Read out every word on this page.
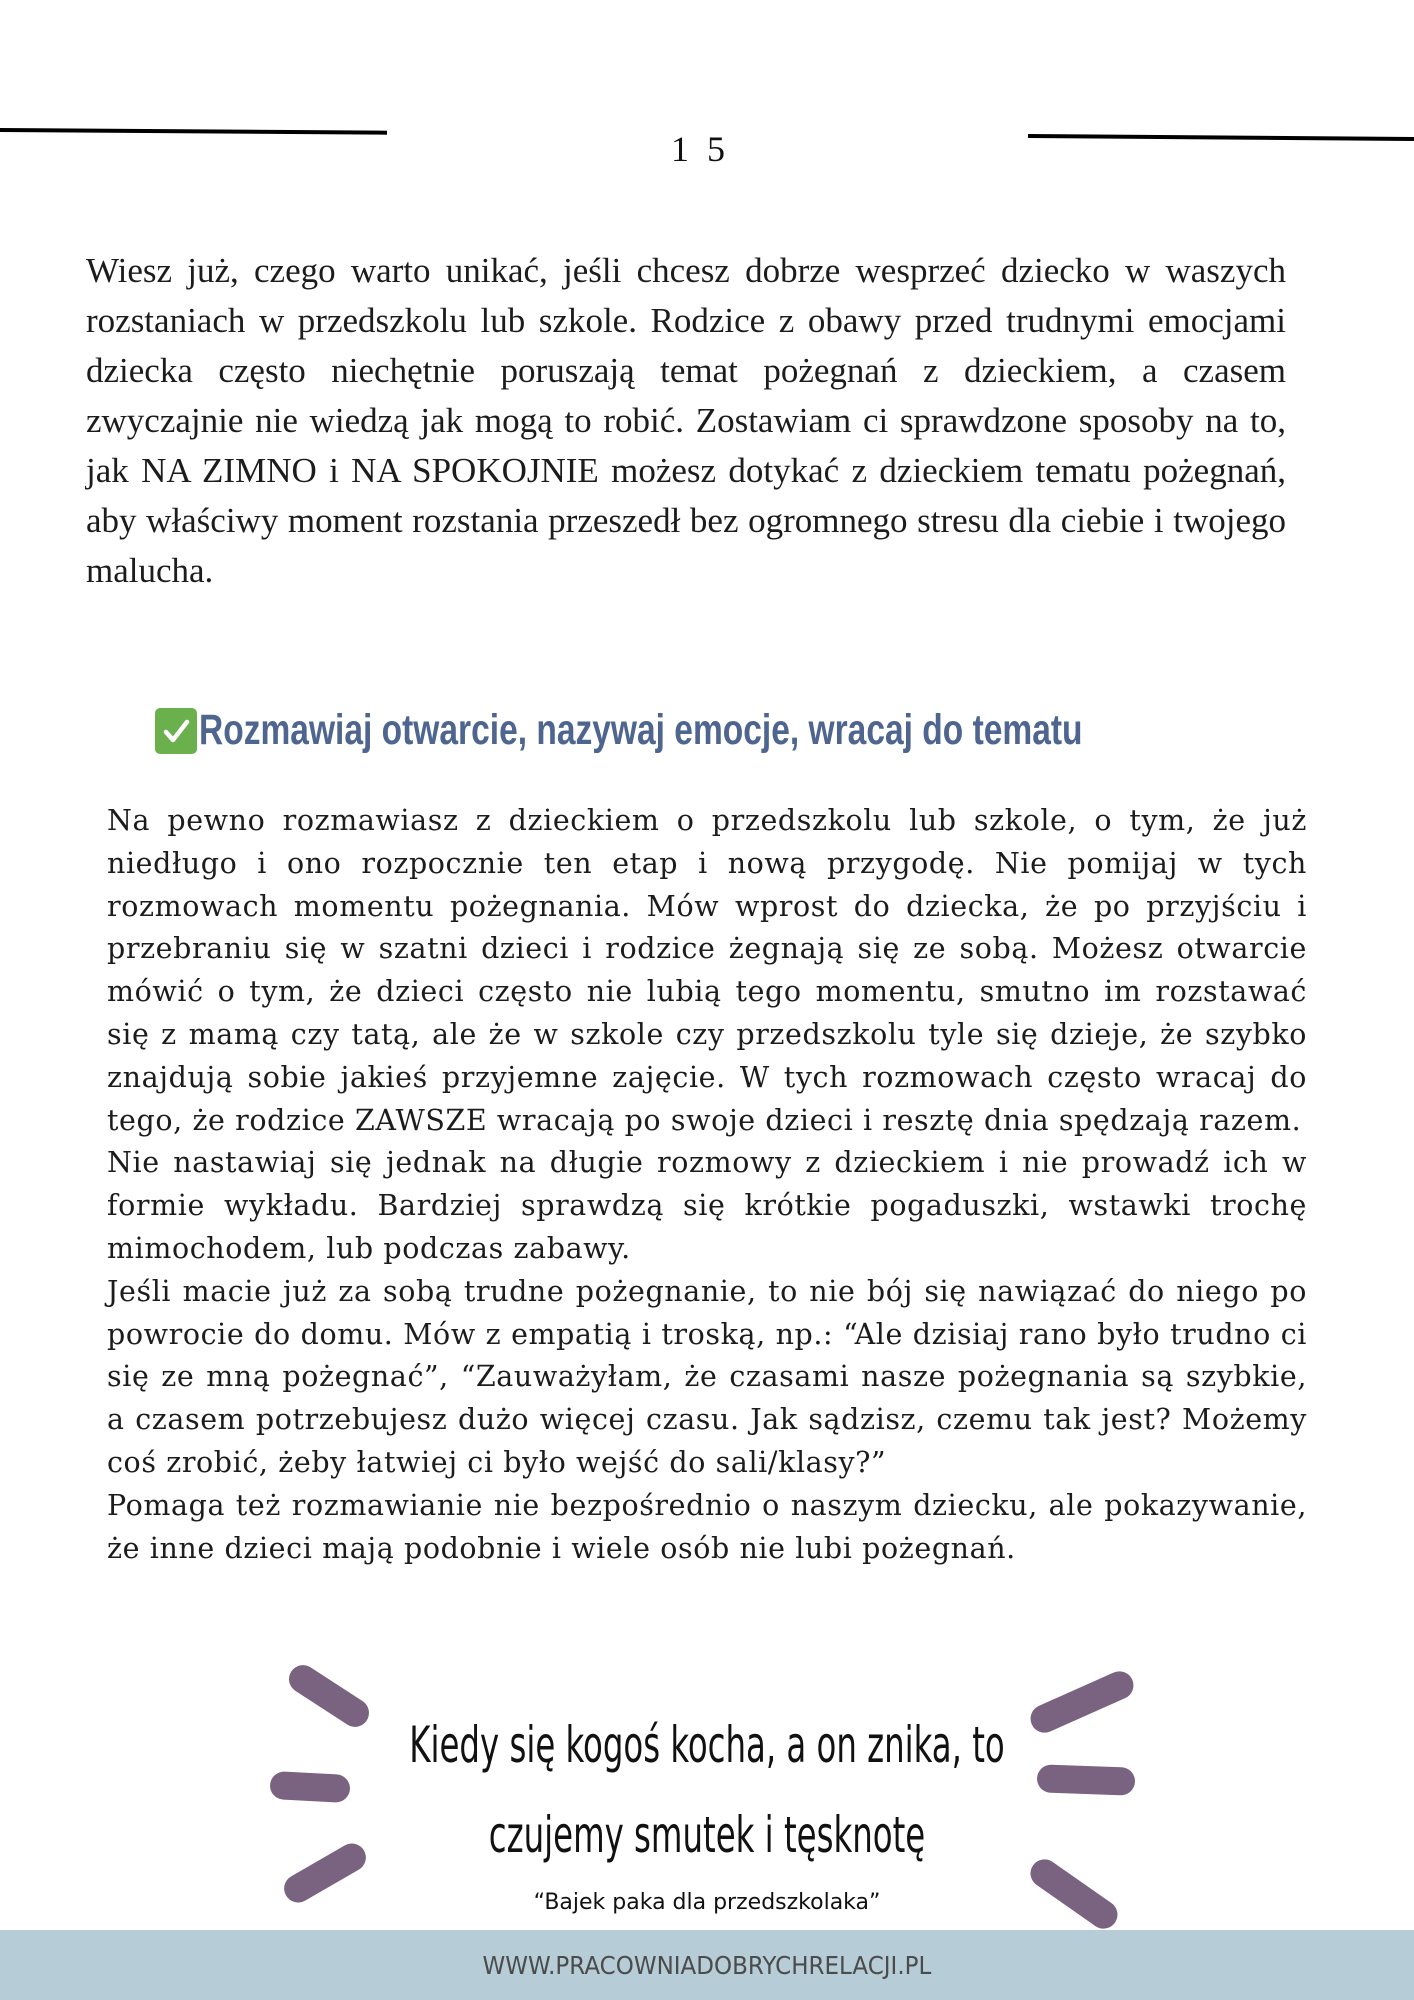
15

Wiesz już, czego warto unikać, jeśli chcesz dobrze wesprzeć dziecko w waszych rozstaniach w przedszkolu lub szkole. Rodzice z obawy przed trudnymi emocjami dziecka często niechętnie poruszają temat pożegnań z dzieckiem, a czasem zwyczajnie nie wiedzą jak mogą to robić. Zostawiam ci sprawdzone sposoby na to, jak NA ZIMNO i NA SPOKOJNIE możesz dotykać z dzieckiem tematu pożegnań, aby właściwy moment rozstania przeszedł bez ogromnego stresu dla ciebie i twojego malucha.

Rozmawiaj otwarcie, nazywaj emocje, wracaj do tematu

Na pewno rozmawiasz z dzieckiem o przedszkolu lub szkole, o tym, że już niedługo i ono rozpocznie ten etap i nową przygodę. Nie pomijaj w tych rozmowach momentu pożegnania. Mów wprost do dziecka, że po przyjściu i przebraniu się w szatni dzieci i rodzice żegnają się ze sobą. Możesz otwarcie mówić o tym, że dzieci często nie lubią tego momentu, smutno im rozstawać się z mamą czy tatą, ale że w szkole czy przedszkolu tyle się dzieje, że szybko znajdują sobie jakieś przyjemne zajęcie. W tych rozmowach często wracaj do tego, że rodzice ZAWSZE wracają po swoje dzieci i resztę dnia spędzają razem.

Nie nastawiaj się jednak na długie rozmowy z dzieckiem i nie prowadź ich w formie wykładu. Bardziej sprawdzą się krótkie pogaduszki, wstawki trochę mimochodem, lub podczas zabawy.

Jeśli macie już za sobą trudne pożegnanie, to nie bój się nawiązać do niego po powrocie do domu. Mów z empatią i troską, np.: “Ale dzisiaj rano było trudno ci się ze mną pożegnać”, “Zauważyłam, że czasami nasze pożegnania są szybkie, a czasem potrzebujesz dużo więcej czasu. Jak sądzisz, czemu tak jest? Możemy coś zrobić, żeby łatwiej ci było wejść do sali/klasy?”

Pomaga też rozmawianie nie bezpośrednio o naszym dziecku, ale pokazywanie, że inne dzieci mają podobnie i wiele osób nie lubi pożegnań.

Kiedy się kogoś kocha, a on znika, to
czujemy smutek i tęsknotę
“Bajek paka dla przedszkolaka”
WWW.PRACOWNIADOBRYCHRELACJI.PL
